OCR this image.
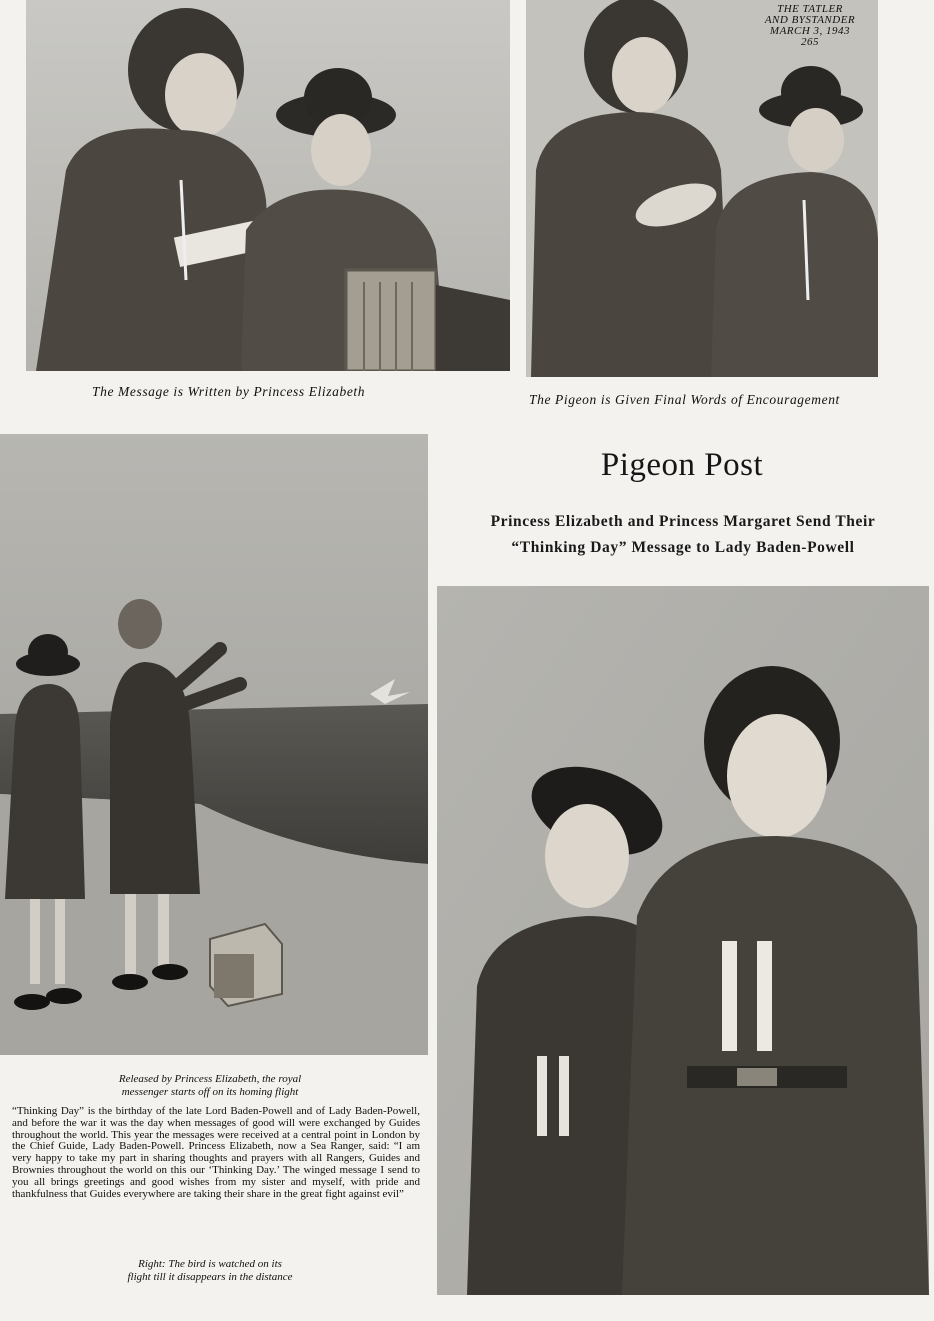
THE TATLER
AND BYSTANDER
MARCH 3, 1943
265
The Message is Written by Princess Elizabeth
The Pigeon is Given Final Words of Encouragement
Pigeon Post
Princess Elizabeth and Princess Margaret Send Their
“Thinking Day” Message to Lady Baden-Powell
Released by Princess Elizabeth, the royal
messenger starts off on its homing flight
“Thinking Day” is the birthday of the late Lord Baden-Powell and of Lady Baden-Powell, and before the war it was the day when messages of good will were exchanged by Guides throughout the world. This year the messages were received at a central point in London by the Chief Guide, Lady Baden-Powell. Princess Elizabeth, now a Sea Ranger, said: “I am very happy to take my part in sharing thoughts and prayers with all Rangers, Guides and Brownies throughout the world on this our ‘Thinking Day.’ The winged message I send to you all brings greetings and good wishes from my sister and myself, with pride and thankfulness that Guides everywhere are taking their share in the great fight against evil”
Right: The bird is watched on its
flight till it disappears in the distance
